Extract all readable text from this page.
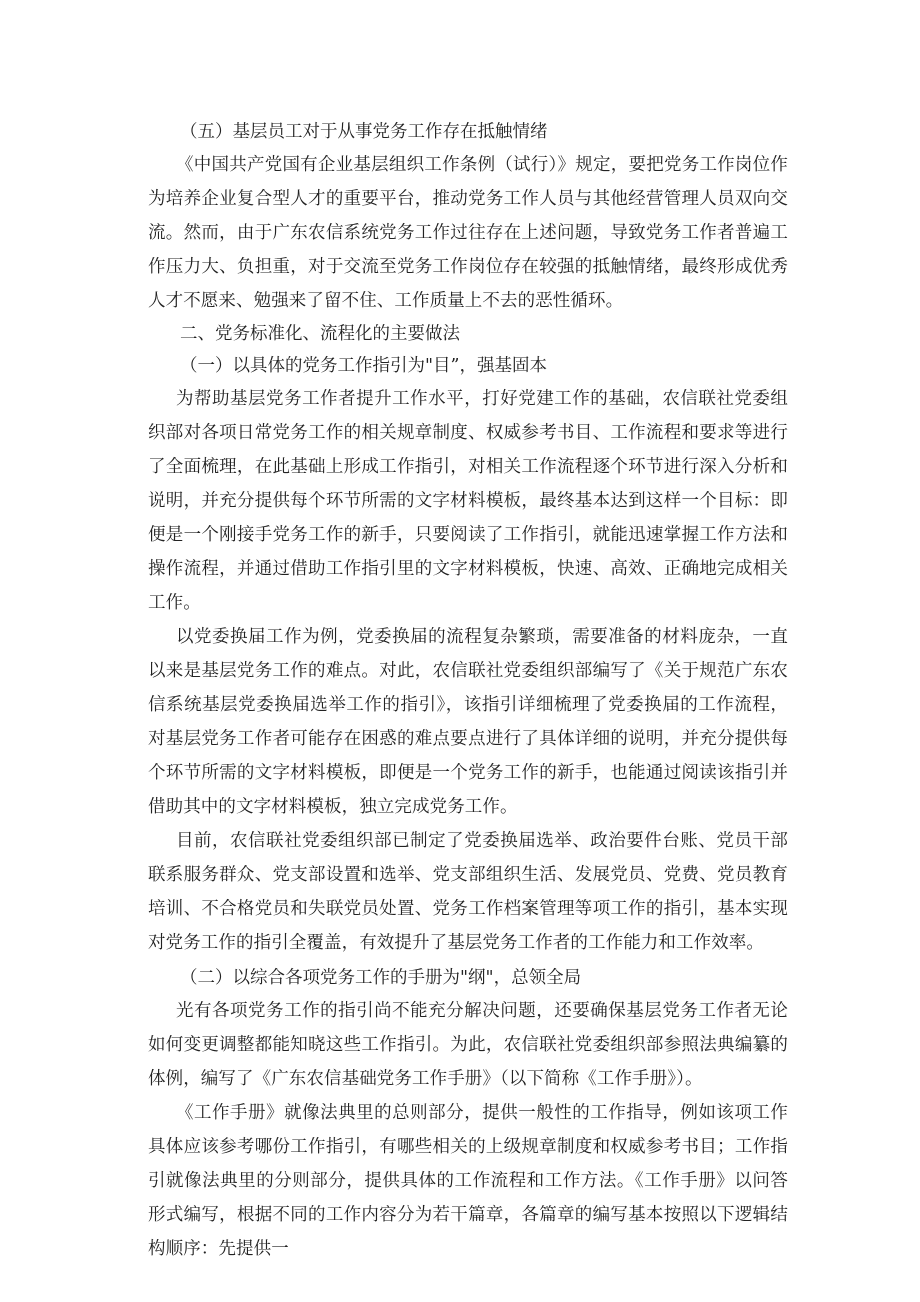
（五）基层员工对于从事党务工作存在抵触情绪

《中国共产党国有企业基层组织工作条例（试行）》规定，要把党务工作岗位作为培养企业复合型人才的重要平台，推动党务工作人员与其他经营管理人员双向交流。然而，由于广东农信系统党务工作过往存在上述问题，导致党务工作者普遍工作压力大、负担重，对于交流至党务工作岗位存在较强的抵触情绪，最终形成优秀人才不愿来、勉强来了留不住、工作质量上不去的恶性循环。

二、党务标准化、流程化的主要做法

（一）以具体的党务工作指引为"目”，强基固本

为帮助基层党务工作者提升工作水平，打好党建工作的基础，农信联社党委组织部对各项日常党务工作的相关规章制度、权威参考书目、工作流程和要求等进行了全面梳理，在此基础上形成工作指引，对相关工作流程逐个环节进行深入分析和说明，并充分提供每个环节所需的文字材料模板，最终基本达到这样一个目标：即便是一个刚接手党务工作的新手，只要阅读了工作指引，就能迅速掌握工作方法和操作流程，并通过借助工作指引里的文字材料模板，快速、高效、正确地完成相关工作。

以党委换届工作为例，党委换届的流程复杂繁琐，需要准备的材料庞杂，一直以来是基层党务工作的难点。对此，农信联社党委组织部编写了《关于规范广东农信系统基层党委换届选举工作的指引》，该指引详细梳理了党委换届的工作流程，对基层党务工作者可能存在困惑的难点要点进行了具体详细的说明，并充分提供每个环节所需的文字材料模板，即便是一个党务工作的新手，也能通过阅读该指引并借助其中的文字材料模板，独立完成党务工作。

目前，农信联社党委组织部已制定了党委换届选举、政治要件台账、党员干部联系服务群众、党支部设置和选举、党支部组织生活、发展党员、党费、党员教育培训、不合格党员和失联党员处置、党务工作档案管理等项工作的指引，基本实现对党务工作的指引全覆盖，有效提升了基层党务工作者的工作能力和工作效率。

（二）以综合各项党务工作的手册为"纲"，总领全局

光有各项党务工作的指引尚不能充分解决问题，还要确保基层党务工作者无论如何变更调整都能知晓这些工作指引。为此，农信联社党委组织部参照法典编纂的体例，编写了《广东农信基础党务工作手册》（以下简称《工作手册》）。

《工作手册》就像法典里的总则部分，提供一般性的工作指导，例如该项工作具体应该参考哪份工作指引，有哪些相关的上级规章制度和权威参考书目；工作指引就像法典里的分则部分，提供具体的工作流程和工作方法。《工作手册》以问答形式编写，根据不同的工作内容分为若干篇章，各篇章的编写基本按照以下逻辑结构顺序：先提供一
